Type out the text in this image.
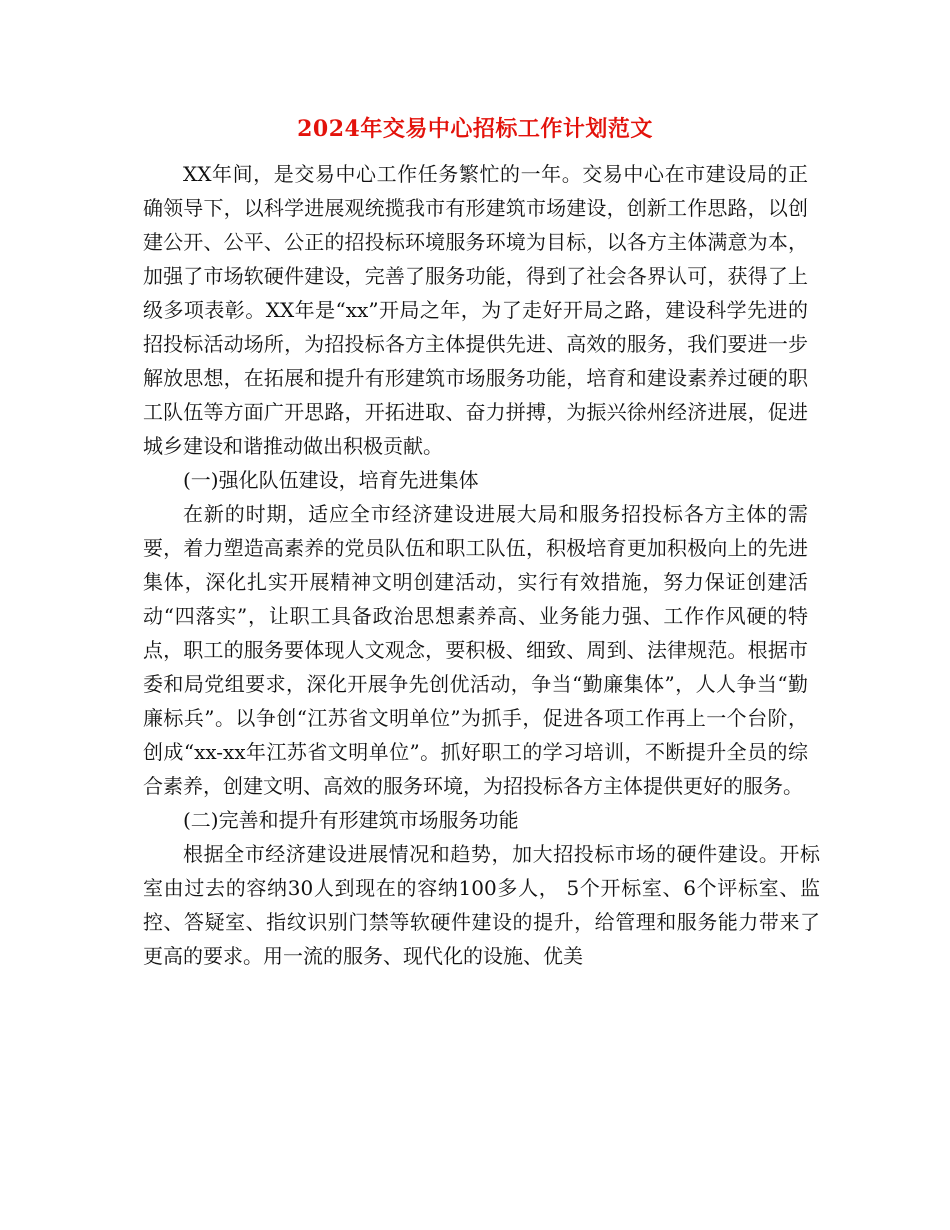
2024年交易中心招标工作计划范文

XX年间，是交易中心工作任务繁忙的一年。交易中心在市建设局的正确领导下，以科学进展观统揽我市有形建筑市场建设，创新工作思路，以创建公开、公平、公正的招投标环境服务环境为目标，以各方主体满意为本，加强了市场软硬件建设，完善了服务功能，得到了社会各界认可，获得了上级多项表彰。XX年是“xx”开局之年，为了走好开局之路，建设科学先进的招投标活动场所，为招投标各方主体提供先进、高效的服务，我们要进一步解放思想，在拓展和提升有形建筑市场服务功能，培育和建设素养过硬的职工队伍等方面广开思路，开拓进取、奋力拼搏，为振兴徐州经济进展，促进城乡建设和谐推动做出积极贡献。

(一)强化队伍建设，培育先进集体

在新的时期，适应全市经济建设进展大局和服务招投标各方主体的需要，着力塑造高素养的党员队伍和职工队伍，积极培育更加积极向上的先进集体，深化扎实开展精神文明创建活动，实行有效措施，努力保证创建活动“四落实”，让职工具备政治思想素养高、业务能力强、工作作风硬的特点，职工的服务要体现人文观念，要积极、细致、周到、法律规范。根据市委和局党组要求，深化开展争先创优活动，争当“勤廉集体”，人人争当“勤廉标兵”。以争创“江苏省文明单位”为抓手，促进各项工作再上一个台阶，创成“xx-xx年江苏省文明单位”。抓好职工的学习培训，不断提升全员的综合素养，创建文明、高效的服务环境，为招投标各方主体提供更好的服务。

(二)完善和提升有形建筑市场服务功能

根据全市经济建设进展情况和趋势，加大招投标市场的硬件建设。开标室由过去的容纳30人到现在的容纳100多人， 5个开标室、6个评标室、监控、答疑室、指纹识别门禁等软硬件建设的提升，给管理和服务能力带来了更高的要求。用一流的服务、现代化的设施、优美
